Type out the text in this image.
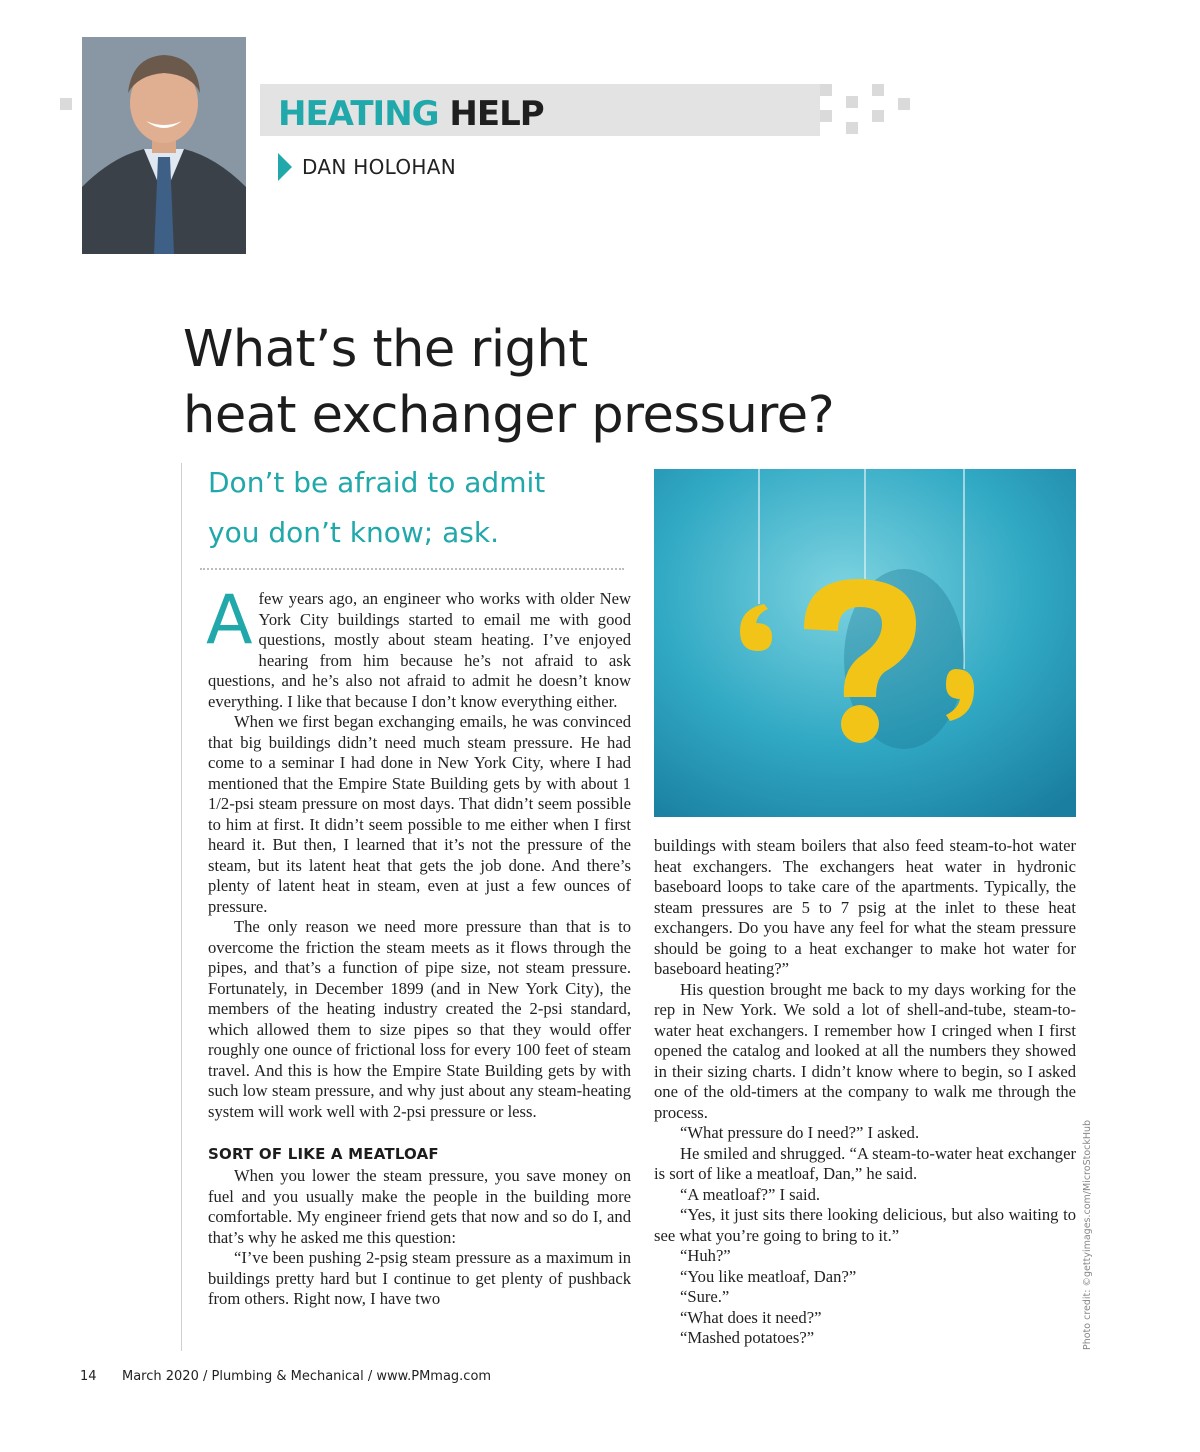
HEATING HELP
DAN HOLOHAN
What’s the right
heat exchanger pressure?
Don’t be afraid to admit
you don’t know; ask.

Afew years ago, an engineer who works with older New York City buildings started to email me with good questions, mostly about steam heating. I’ve enjoyed hearing from him because he’s not afraid to ask questions, and he’s also not afraid to admit he doesn’t know everything. I like that because I don’t know everything either.

When we first began exchanging emails, he was convinced that big buildings didn’t need much steam pressure. He had come to a seminar I had done in New York City, where I had mentioned that the Empire State Building gets by with about 1 1/2-psi steam pressure on most days. That didn’t seem possible to him at first. It didn’t seem possible to me either when I first heard it. But then, I learned that it’s not the pressure of the steam, but its latent heat that gets the job done. And there’s plenty of latent heat in steam, even at just a few ounces of pressure.

The only reason we need more pressure than that is to overcome the friction the steam meets as it flows through the pipes, and that’s a function of pipe size, not steam pressure. Fortunately, in December 1899 (and in New York City), the members of the heating industry created the 2-psi standard, which allowed them to size pipes so that they would offer roughly one ounce of frictional loss for every 100 feet of steam travel. And this is how the Empire State Building gets by with such low steam pressure, and why just about any steam-heating system will work well with 2-psi pressure or less.

SORT OF LIKE A MEATLOAF

When you lower the steam pressure, you save money on fuel and you usually make the people in the building more comfortable. My engineer friend gets that now and so do I, and that’s why he asked me this question:

“I’ve been pushing 2-psig steam pressure as a maximum in buildings pretty hard but I continue to get plenty of pushback from others. Right now, I have two

buildings with steam boilers that also feed steam-to-hot water heat exchangers. The exchangers heat water in hydronic baseboard loops to take care of the apartments. Typically, the steam pressures are 5 to 7 psig at the inlet to these heat exchangers. Do you have any feel for what the steam pressure should be going to a heat exchanger to make hot water for baseboard heating?”

His question brought me back to my days working for the rep in New York. We sold a lot of shell-and-tube, steam-to-water heat exchangers. I remember how I cringed when I first opened the catalog and looked at all the numbers they showed in their sizing charts. I didn’t know where to begin, so I asked one of the old-timers at the company to walk me through the process.

“What pressure do I need?” I asked.

He smiled and shrugged. “A steam-to-water heat exchanger is sort of like a meatloaf, Dan,” he said.

“A meatloaf?” I said.

“Yes, it just sits there looking delicious, but also waiting to see what you’re going to bring to it.”

“Huh?”

“You like meatloaf, Dan?”

“Sure.”

“What does it need?”

“Mashed potatoes?”	Photo credit: ©gettyimages.com/MicroStockHub
14 March 2020 / Plumbing & Mechanical / www.PMmag.com
